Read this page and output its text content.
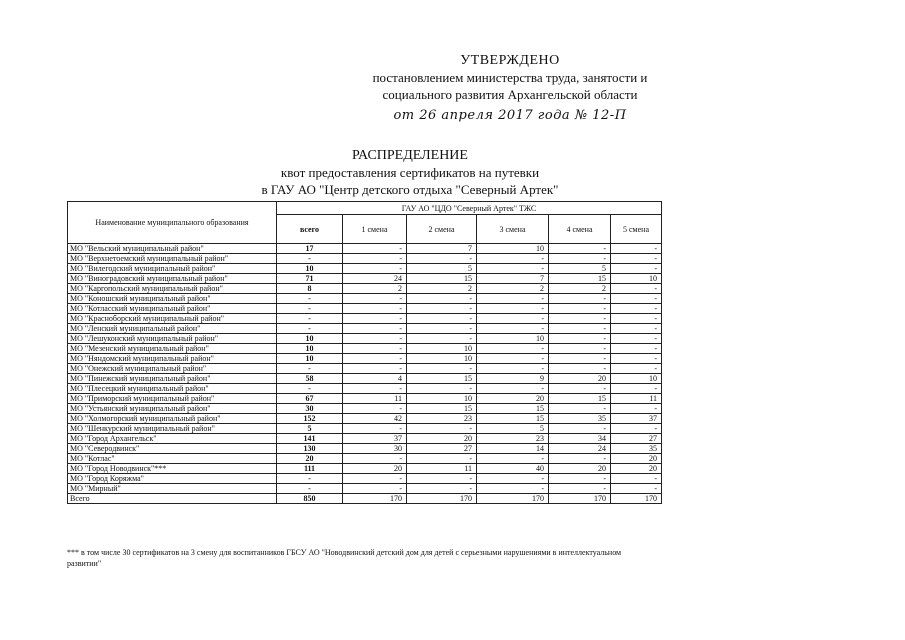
УТВЕРЖДЕНО
постановлением министерства труда, занятости и
социального развития Архангельской области
от 26 апреля 2017 года № 12-П
РАСПРЕДЕЛЕНИЕ
квот предоставления сертификатов на путевки
в ГАУ АО "Центр детского отдыха "Северный Артек"
Наименование муниципального образования	ГАУ АО "ЦДО "Северный Артек" ТЖС					
	всего	1 смена	2 смена	3 смена	4 смена	5 смена
МО "Вельский муниципальный район"	17	-	7	10	-	-
МО "Верхнетоемский муниципальный район"	-	-	-	-	-	-
МО "Вилегодский муниципальный район"	10	-	5	-	5	-
МО "Виноградовский муниципальный район"	71	24	15	7	15	10
МО "Каргопольский муниципальный район"	8	2	2	2	2	-
МО "Коношский муниципальный район"	-	-	-	-	-	-
МО "Котласский муниципальный район"	-	-	-	-	-	-
МО "Красноборский муниципальный район"	-	-	-	-	-	-
МО "Ленский муниципальный район"	-	-	-	-	-	-
МО "Лешуконский муниципальный район"	10	-	-	10	-	-
МО "Мезенский муниципальный район"	10	-	10	-	-	-
МО "Няндомский муниципальный район"	10	-	10	-	-	-
МО "Онежский муниципальный район"	-	-	-	-	-	-
МО "Пинежский муниципальный район"	58	4	15	9	20	10
МО "Плесецкий муниципальный район"	-	-	-	-	-	-
МО "Приморский муниципальный район"	67	11	10	20	15	11
МО "Устьянский муниципальный район"	30	-	15	15	-	-
МО "Холмогорский муниципальный район"	152	42	23	15	35	37
МО "Шенкурский муниципальный район"	5	-	-	5	-	-
МО "Город Архангельск"	141	37	20	23	34	27
МО "Северодвинск"	130	30	27	14	24	35
МО "Котлас"	20	-	-	-	-	20
МО "Город Новодвинск"***	111	20	11	40	20	20
МО "Город Коряжма"	-	-	-	-	-	-
МО "Мирный"	-	-	-	-	-	-
Всего	850	170	170	170	170	170
*** в том числе 30 сертификатов на 3 смену для воспитанников ГБСУ АО "Новодвинский детский дом для детей с серьезными нарушениями в интеллектуальном развитии"
